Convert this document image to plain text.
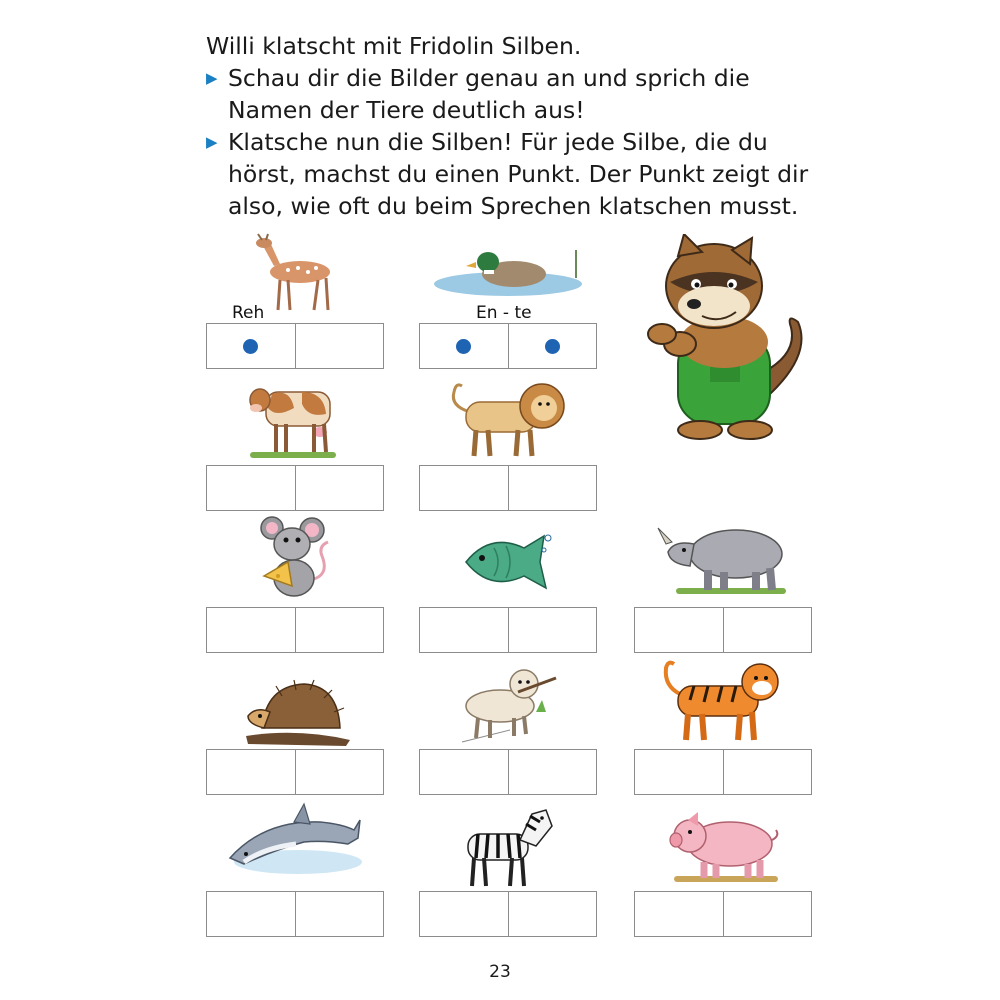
Willi klatscht mit Fridolin Silben.
▶ Schau dir die Bilder genau an und sprich die
Namen der Tiere deutlich aus!
▶ Klatsche nun die Silben! Für jede Silbe, die du
hörst, machst du einen Punkt. Der Punkt zeigt dir
also, wie oft du beim Sprechen klatschen musst.
Reh	En - te
23
